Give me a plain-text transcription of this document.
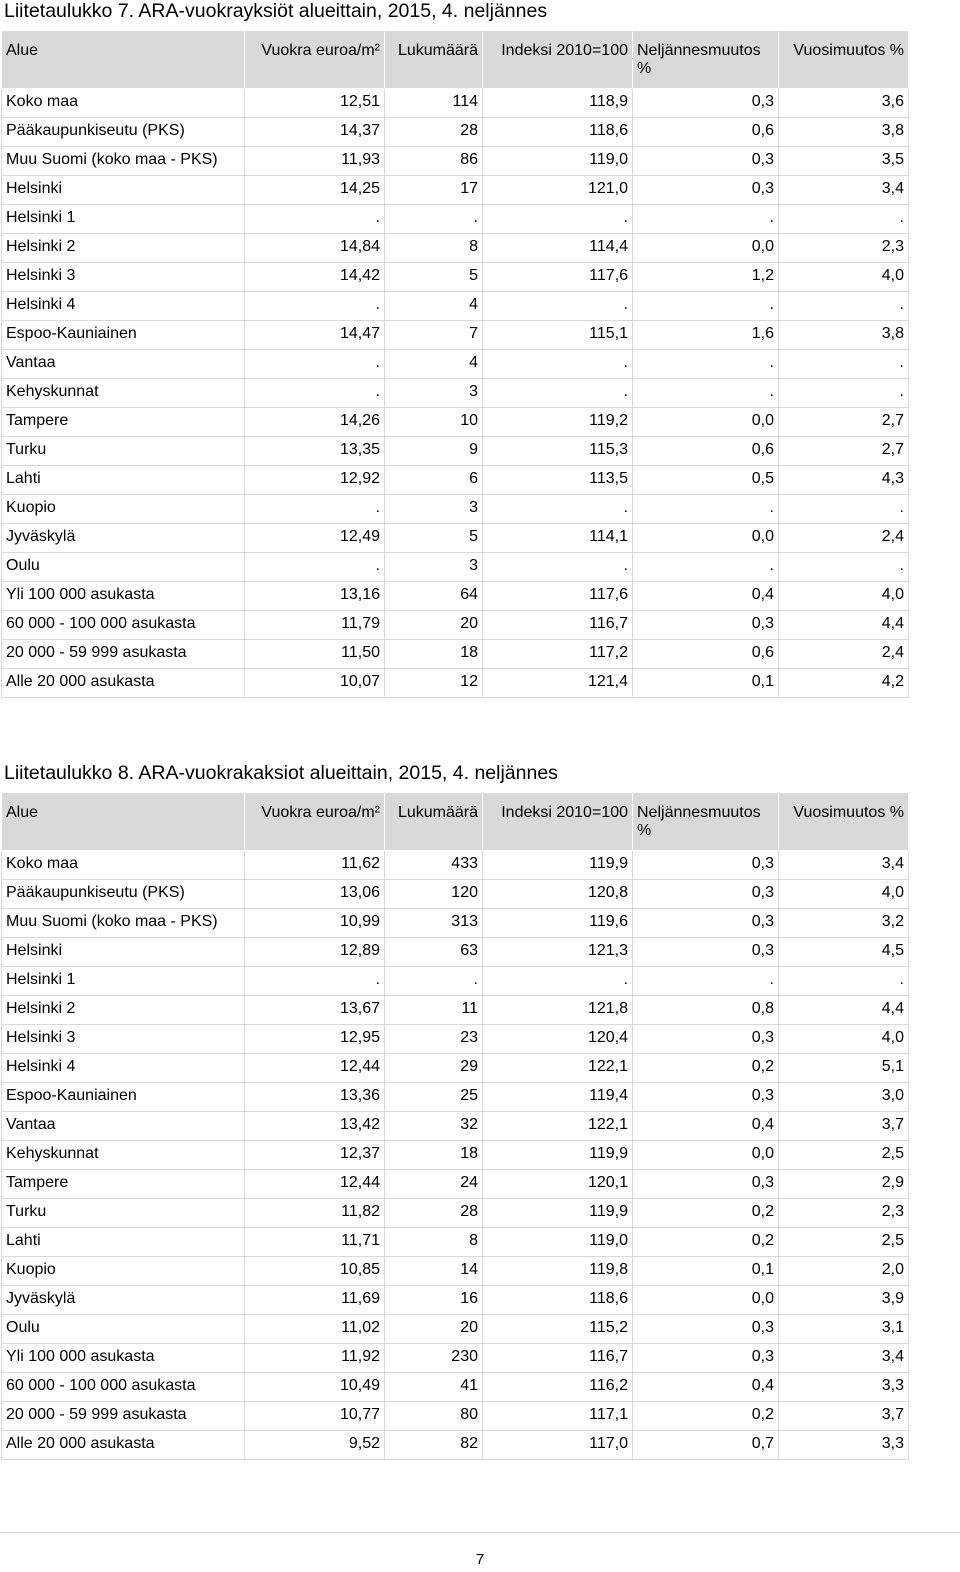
Liitetaulukko 7. ARA-vuokrayksiöt alueittain, 2015, 4. neljännes
Alue	Vuokra euroa/m²	Lukumäärä	Indeksi 2010=100	Neljännesmuutos %	Vuosimuutos %
Koko maa	12,51	114	118,9	0,3	3,6
Pääkaupunkiseutu (PKS)	14,37	28	118,6	0,6	3,8
Muu Suomi (koko maa - PKS)	11,93	86	119,0	0,3	3,5
Helsinki	14,25	17	121,0	0,3	3,4
Helsinki 1	.	.	.	.	.
Helsinki 2	14,84	8	114,4	0,0	2,3
Helsinki 3	14,42	5	117,6	1,2	4,0
Helsinki 4	.	4	.	.	.
Espoo-Kauniainen	14,47	7	115,1	1,6	3,8
Vantaa	.	4	.	.	.
Kehyskunnat	.	3	.	.	.
Tampere	14,26	10	119,2	0,0	2,7
Turku	13,35	9	115,3	0,6	2,7
Lahti	12,92	6	113,5	0,5	4,3
Kuopio	.	3	.	.	.
Jyväskylä	12,49	5	114,1	0,0	2,4
Oulu	.	3	.	.	.
Yli 100 000 asukasta	13,16	64	117,6	0,4	4,0
60 000 - 100 000 asukasta	11,79	20	116,7	0,3	4,4
20 000 - 59 999 asukasta	11,50	18	117,2	0,6	2,4
Alle 20 000 asukasta	10,07	12	121,4	0,1	4,2
Liitetaulukko 8. ARA-vuokrakaksiot alueittain, 2015, 4. neljännes
Alue	Vuokra euroa/m²	Lukumäärä	Indeksi 2010=100	Neljännesmuutos %	Vuosimuutos %
Koko maa	11,62	433	119,9	0,3	3,4
Pääkaupunkiseutu (PKS)	13,06	120	120,8	0,3	4,0
Muu Suomi (koko maa - PKS)	10,99	313	119,6	0,3	3,2
Helsinki	12,89	63	121,3	0,3	4,5
Helsinki 1	.	.	.	.	.
Helsinki 2	13,67	11	121,8	0,8	4,4
Helsinki 3	12,95	23	120,4	0,3	4,0
Helsinki 4	12,44	29	122,1	0,2	5,1
Espoo-Kauniainen	13,36	25	119,4	0,3	3,0
Vantaa	13,42	32	122,1	0,4	3,7
Kehyskunnat	12,37	18	119,9	0,0	2,5
Tampere	12,44	24	120,1	0,3	2,9
Turku	11,82	28	119,9	0,2	2,3
Lahti	11,71	8	119,0	0,2	2,5
Kuopio	10,85	14	119,8	0,1	2,0
Jyväskylä	11,69	16	118,6	0,0	3,9
Oulu	11,02	20	115,2	0,3	3,1
Yli 100 000 asukasta	11,92	230	116,7	0,3	3,4
60 000 - 100 000 asukasta	10,49	41	116,2	0,4	3,3
20 000 - 59 999 asukasta	10,77	80	117,1	0,2	3,7
Alle 20 000 asukasta	9,52	82	117,0	0,7	3,3
7
